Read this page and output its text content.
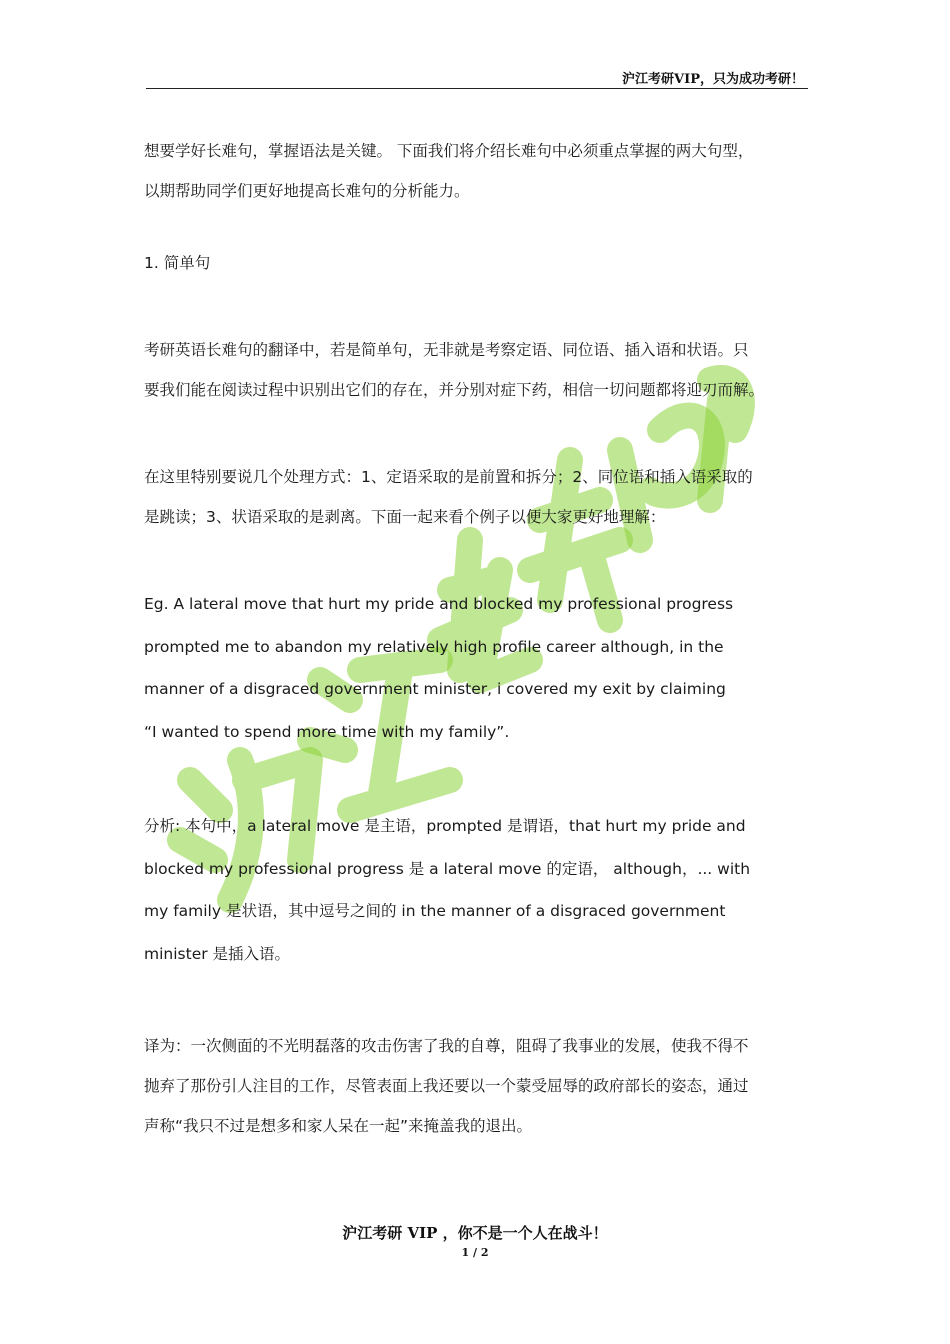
沪江考研VIP，只为成功考研！
沪江考研VIP
想要学好长难句，掌握语法是关键。 下面我们将介绍长难句中必须重点掌握的两大句型，
以期帮助同学们更好地提高长难句的分析能力。
1. 简单句
考研英语长难句的翻译中，若是简单句，无非就是考察定语、同位语、插入语和状语。只
要我们能在阅读过程中识别出它们的存在，并分别对症下药，相信一切问题都将迎刃而解。
在这里特别要说几个处理方式：1、定语采取的是前置和拆分；2、同位语和插入语采取的
是跳读；3、状语采取的是剥离。下面一起来看个例子以便大家更好地理解：
Eg. A lateral move that hurt my pride and blocked my professional progress
prompted me to abandon my relatively high profile career although, in the
manner of a disgraced government minister, i covered my exit by claiming
“I wanted to spend more time with my family”.
分析: 本句中，a lateral move 是主语，prompted 是谓语，that hurt my pride and
blocked my professional progress 是 a lateral move 的定语， although，... with
my family 是状语，其中逗号之间的 in the manner of a disgraced government
minister 是插入语。
译为：一次侧面的不光明磊落的攻击伤害了我的自尊，阻碍了我事业的发展，使我不得不
抛弃了那份引人注目的工作，尽管表面上我还要以一个蒙受屈辱的政府部长的姿态，通过
声称“我只不过是想多和家人呆在一起”来掩盖我的退出。
沪江考研 VIP ，你不是一个人在战斗！
1 / 2
